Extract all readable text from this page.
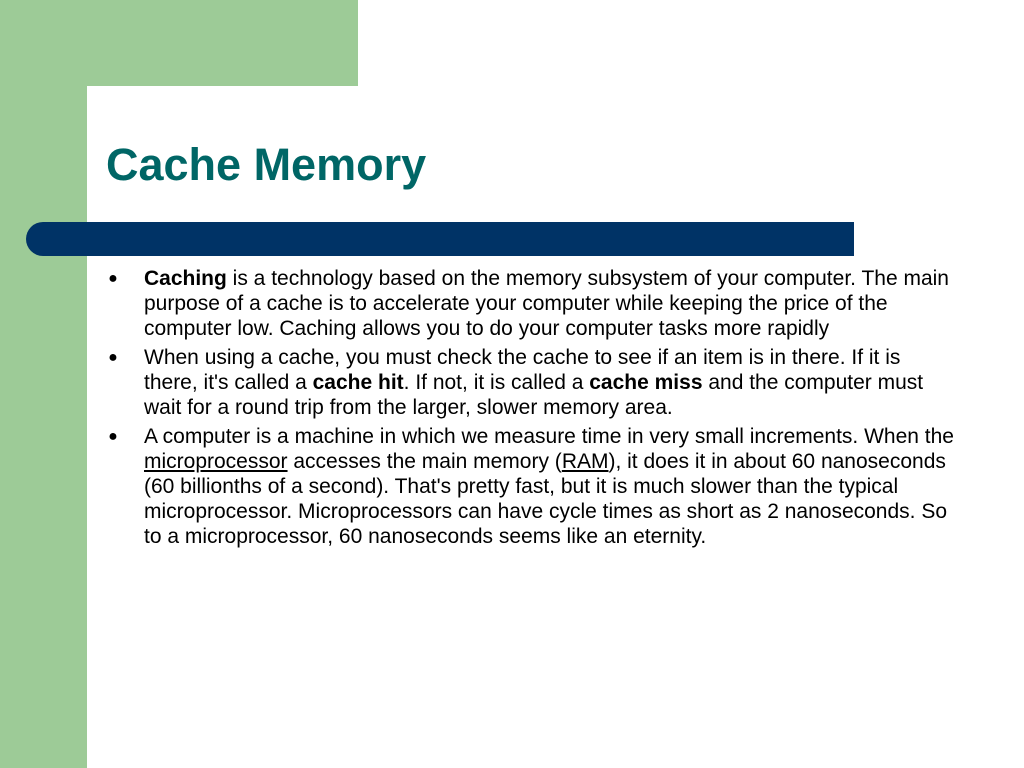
Cache Memory
● Caching is a technology based on the memory subsystem of your computer. The main purpose of a cache is to accelerate your computer while keeping the price of the computer low. Caching allows you to do your computer tasks more rapidly
● When using a cache, you must check the cache to see if an item is in there. If it is there, it's called a cache hit. If not, it is called a cache miss and the computer must wait for a round trip from the larger, slower memory area.
● A computer is a machine in which we measure time in very small increments. When the microprocessor accesses the main memory (RAM), it does it in about 60 nanoseconds (60 billionths of a second). That's pretty fast, but it is much slower than the typical microprocessor. Microprocessors can have cycle times as short as 2 nanoseconds. So to a microprocessor, 60 nanoseconds seems like an eternity.
